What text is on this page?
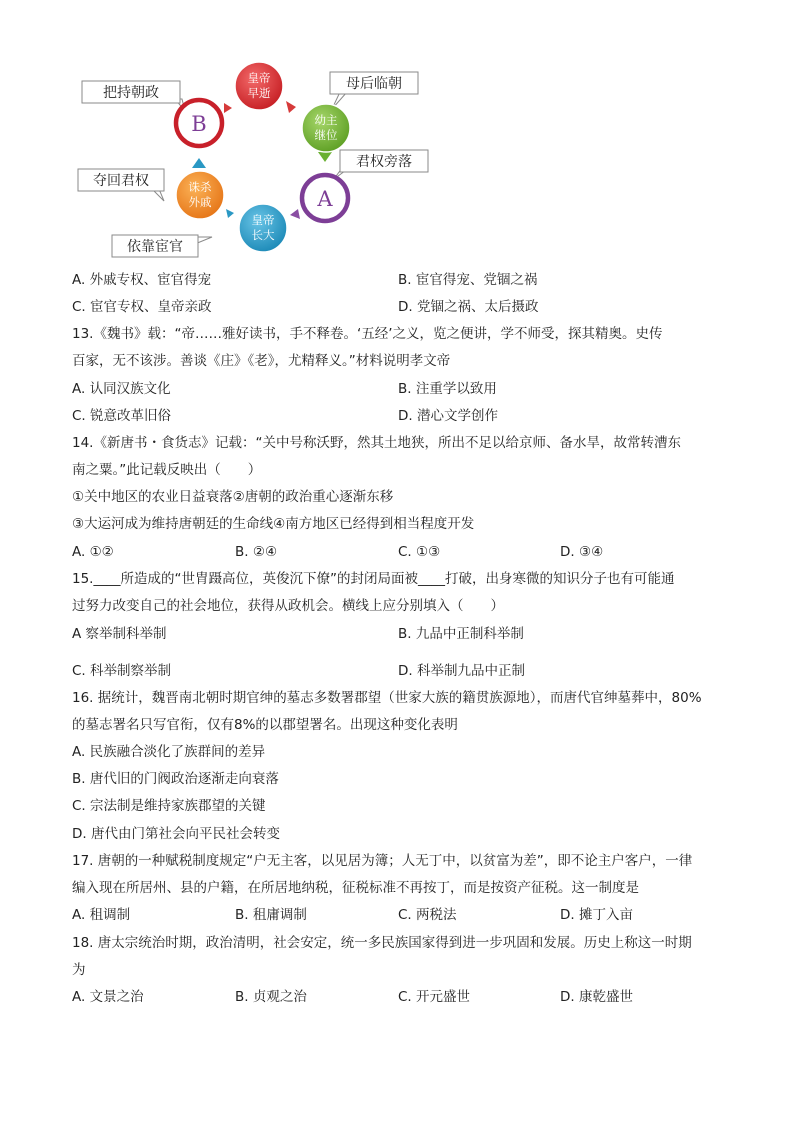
把持朝政
母后临朝
君权旁落
夺回君权
依靠宦官
皇帝
早逝
幼主
继位
A
皇帝
长大
诛杀
外戚
B
A. 外戚专权、宦官得宠	B. 宦官得宠、党锢之祸
C. 宦官专权、皇帝亲政	D. 党锢之祸、太后摄政
13.《魏书》载：“帝……雅好读书，手不释卷。‘五经’之义，览之便讲，学不师受，探其精奥。史传
百家，无不该涉。善谈《庄》《老》，尤精释义。”材料说明孝文帝
A. 认同汉族文化	B. 注重学以致用
C. 锐意改革旧俗	D. 潜心文学创作
14.《新唐书・食货志》记载：“关中号称沃野，然其土地狭，所出不足以给京师、备水旱，故常转漕东
南之粟。”此记载反映出（　　）
①关中地区的农业日益衰落②唐朝的政治重心逐渐东移
③大运河成为维持唐朝廷的生命线④南方地区已经得到相当程度开发
A. ①②	B. ②④	C. ①③	D. ③④
15.____所造成的“世胄蹑高位，英俊沉下僚”的封闭局面被____打破，出身寒微的知识分子也有可能通
过努力改变自己的社会地位，获得从政机会。横线上应分别填入（　　）
A 察举制科举制	B. 九品中正制科举制
C. 科举制察举制	D. 科举制九品中正制
16. 据统计，魏晋南北朝时期官绅的墓志多数署郡望（世家大族的籍贯族源地），而唐代官绅墓葬中，80%
的墓志署名只写官衔，仅有8%的以郡望署名。出现这种变化表明
A. 民族融合淡化了族群间的差异
B. 唐代旧的门阀政治逐渐走向衰落
C. 宗法制是维持家族郡望的关键
D. 唐代由门第社会向平民社会转变
17. 唐朝的一种赋税制度规定“户无主客，以见居为簿；人无丁中，以贫富为差”，即不论主户客户，一律
编入现在所居州、县的户籍，在所居地纳税，征税标准不再按丁，而是按资产征税。这一制度是
A. 租调制	B. 租庸调制	C. 两税法	D. 摊丁入亩
18. 唐太宗统治时期，政治清明，社会安定，统一多民族国家得到进一步巩固和发展。历史上称这一时期
为
A. 文景之治	B. 贞观之治	C. 开元盛世	D. 康乾盛世
